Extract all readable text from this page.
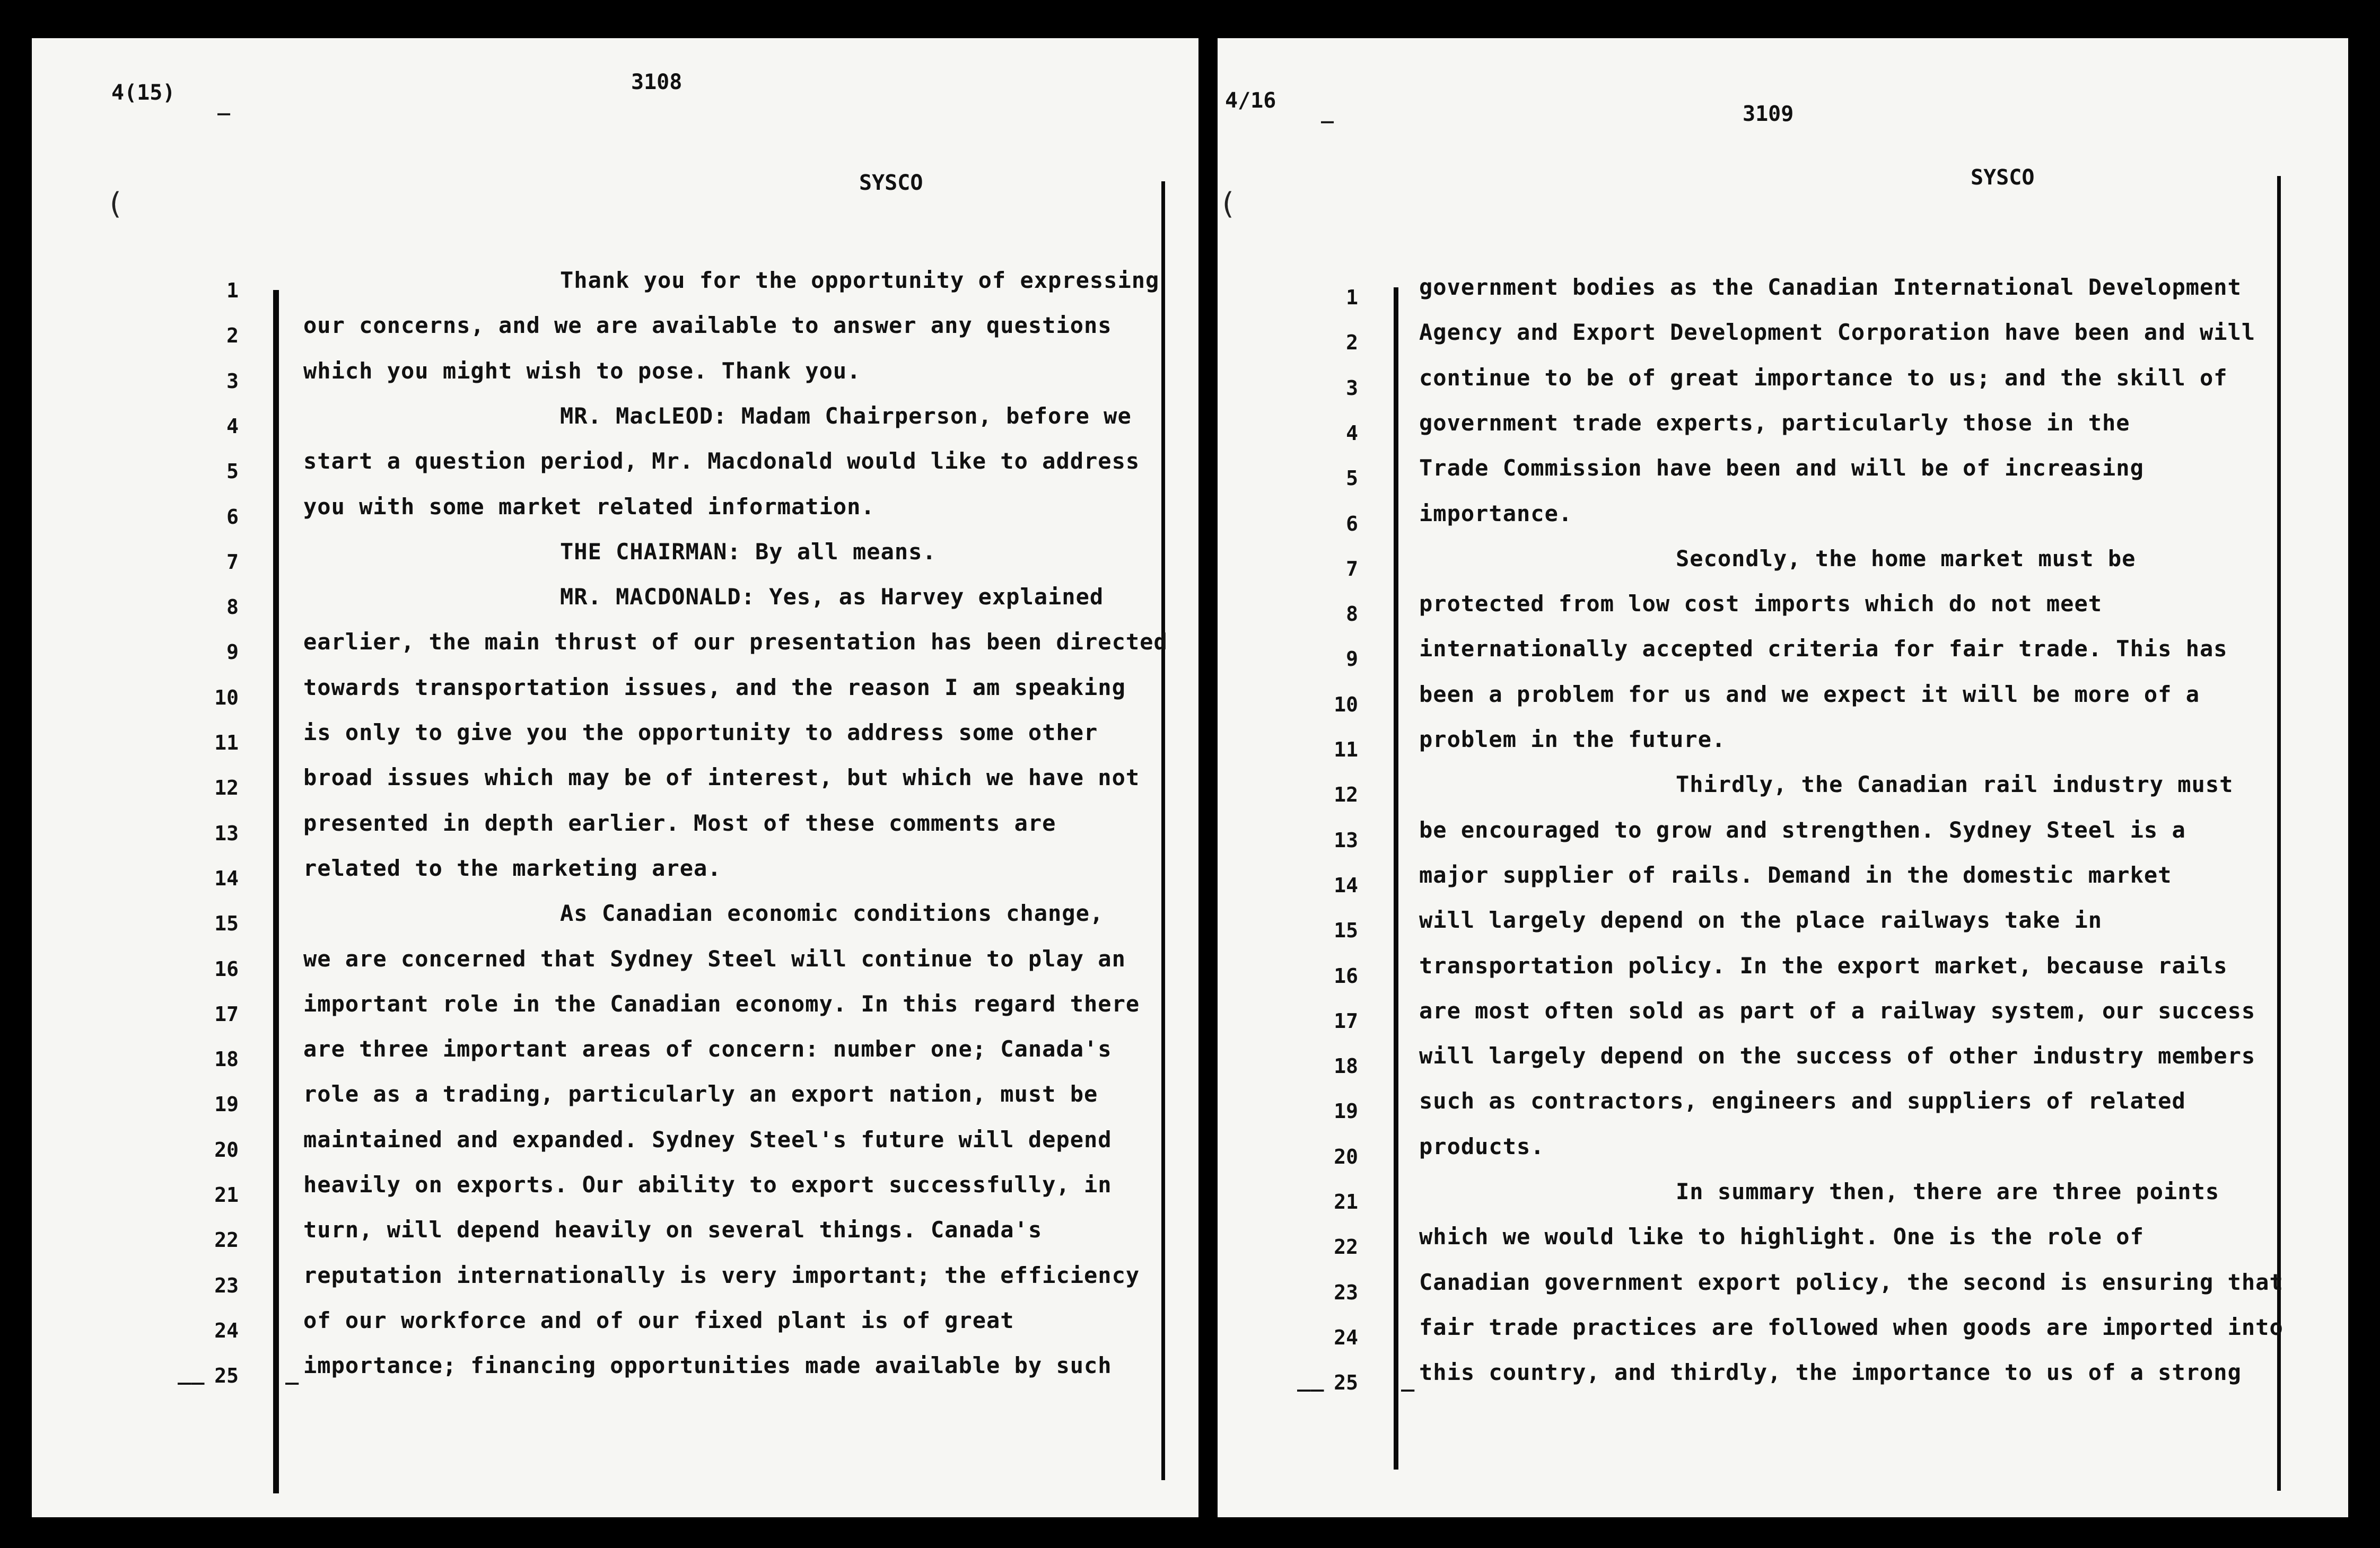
4(15) _
3108
(
SYSCO
1	Thank you for the opportunity of expressing
2	our concerns, and we are available to answer any questions
3	which you might wish to pose. Thank you.
4	MR. MacLEOD: Madam Chairperson, before we
5	start a question period, Mr. Macdonald would like to address
6	you with some market related information.
7	THE CHAIRMAN: By all means.
8	MR. MACDONALD: Yes, as Harvey explained
9	earlier, the main thrust of our presentation has been directed
10	towards transportation issues, and the reason I am speaking
11	is only to give you the opportunity to address some other
12	broad issues which may be of interest, but which we have not
13	presented in depth earlier. Most of these comments are
14	related to the marketing area.
15	As Canadian economic conditions change,
16	we are concerned that Sydney Steel will continue to play an
17	important role in the Canadian economy. In this regard there
18	are three important areas of concern: number one; Canada's
19	role as a trading, particularly an export nation, must be
20	maintained and expanded. Sydney Steel's future will depend
21	heavily on exports. Our ability to export successfully, in
22	turn, will depend heavily on several things. Canada's
23	reputation internationally is very important; the efficiency
24	of our workforce and of our fixed plant is of great
25
__	_ importance; financing opportunities made available by such
4/16 _	3109
(
SYSCO
1	government bodies as the Canadian International Development
2	Agency and Export Development Corporation have been and will
3	continue to be of great importance to us; and the skill of
4	government trade experts, particularly those in the
5	Trade Commission have been and will be of increasing
6	importance.
7	Secondly, the home market must be
8	protected from low cost imports which do not meet
9	internationally accepted criteria for fair trade. This has
10	been a problem for us and we expect it will be more of a
11	problem in the future.
12	Thirdly, the Canadian rail industry must
13	be encouraged to grow and strengthen. Sydney Steel is a
14	major supplier of rails. Demand in the domestic market
15	will largely depend on the place railways take in
16	transportation policy. In the export market, because rails
17	are most often sold as part of a railway system, our success
18	will largely depend on the success of other industry members
19	such as contractors, engineers and suppliers of related
20	products.
21	In summary then, there are three points
22	which we would like to highlight. One is the role of
23	Canadian government export policy, the second is ensuring that
24	fair trade practices are followed when goods are imported into
25
__	_ this country, and thirdly, the importance to us of a strong
